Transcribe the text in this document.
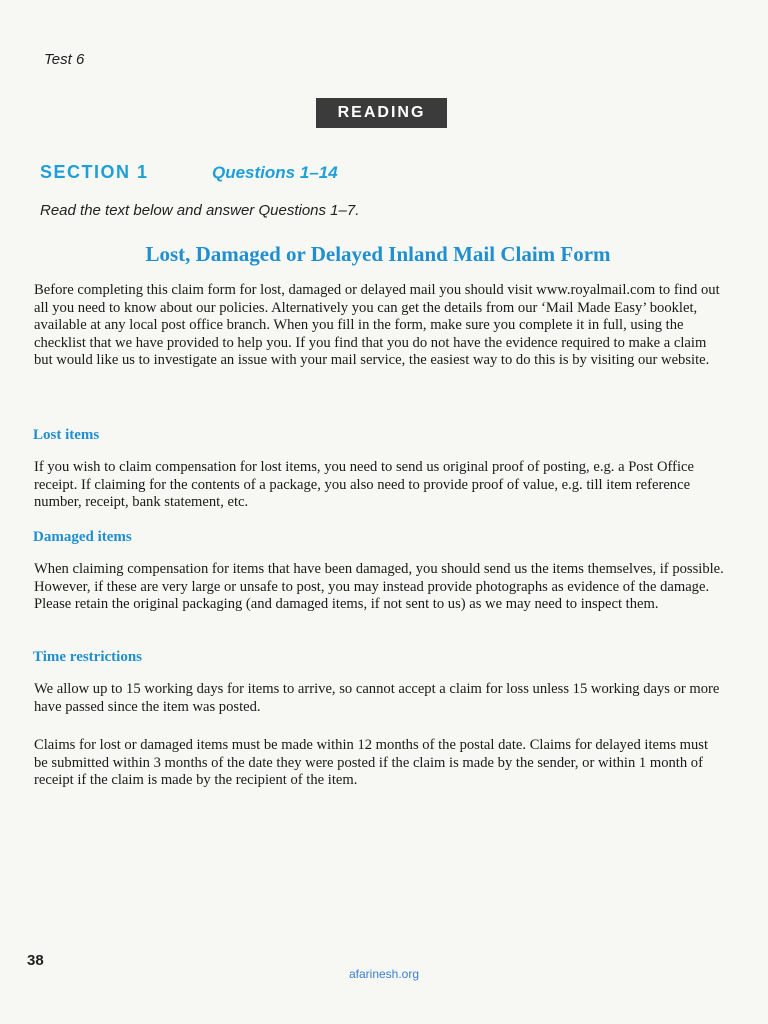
Test 6
READING
SECTION 1	Questions 1–14
Read the text below and answer Questions 1–7.
Lost, Damaged or Delayed Inland Mail Claim Form

Before completing this claim form for lost, damaged or delayed mail you should visit www.royalmail.com to find out all you need to know about our policies. Alternatively you can get the details from our ‘Mail Made Easy’ booklet, available at any local post office branch. When you fill in the form, make sure you complete it in full, using the checklist that we have provided to help you. If you find that you do not have the evidence required to make a claim but would like us to investigate an issue with your mail service, the easiest way to do this is by visiting our website.

Lost items

If you wish to claim compensation for lost items, you need to send us original proof of posting, e.g. a Post Office receipt. If claiming for the contents of a package, you also need to provide proof of value, e.g. till item reference number, receipt, bank statement, etc.

Damaged items

When claiming compensation for items that have been damaged, you should send us the items themselves, if possible. However, if these are very large or unsafe to post, you may instead provide photographs as evidence of the damage. Please retain the original packaging (and damaged items, if not sent to us) as we may need to inspect them.

Time restrictions

We allow up to 15 working days for items to arrive, so cannot accept a claim for loss unless 15 working days or more have passed since the item was posted.

Claims for lost or damaged items must be made within 12 months of the postal date. Claims for delayed items must be submitted within 3 months of the date they were posted if the claim is made by the sender, or within 1 month of receipt if the claim is made by the recipient of the item.

38
afarinesh.org
